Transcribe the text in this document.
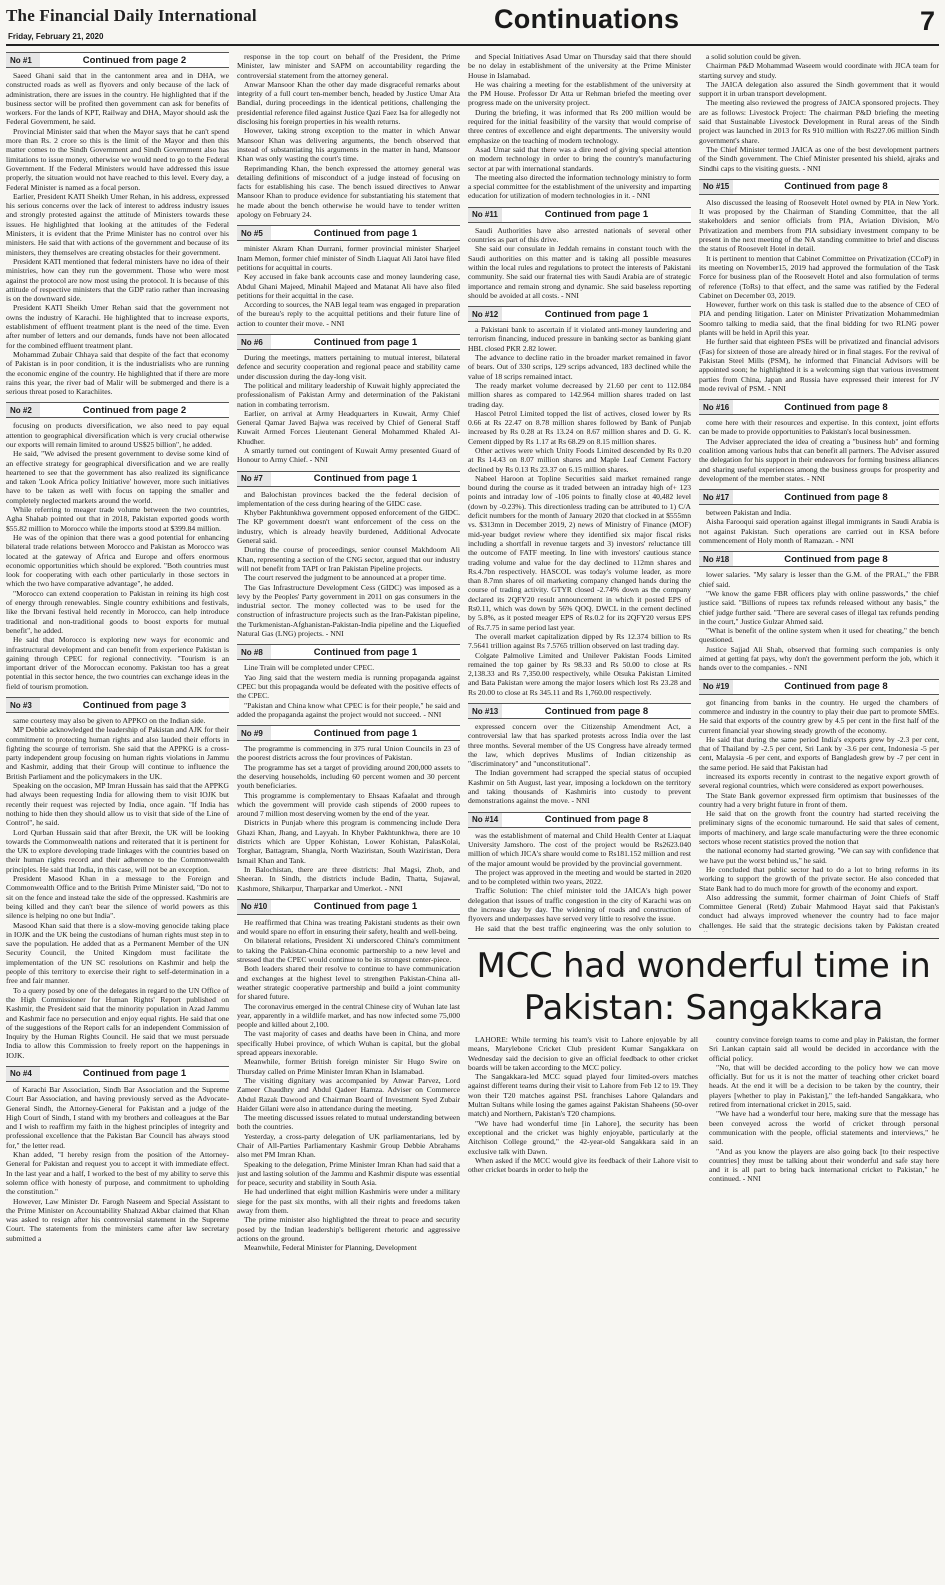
The Financial Daily International
Friday, February 21, 2020
Continuations	7
No #1	Continued from page 2

Saeed Ghani said that in the cantonment area and in DHA, we constructed roads as well as flyovers and only because of the lack of administration, there are issues in the country. He highlighted that if the business sector will be profited then government can ask for benefits of workers. For the lands of KPT, Railway and DHA, Mayor should ask the Federal Government, he said.

Provincial Minister said that when the Mayor says that he can't spend more than Rs. 2 crore so this is the limit of the Mayor and then this matter comes to the Sindh Government and Sindh Government also has limitations to issue money, otherwise we would need to go to the Federal Government. If the Federal Ministers would have addressed this issue properly, the situation would not have reached to this level. Every day, a Federal Minister is named as a focal person.

Earlier, President KATI Sheikh Umer Rehan, in his address, expressed his serious concerns over the lack of interest to address industry issues and strongly protested against the attitude of Ministers towards these issues. He highlighted that looking at the attitudes of the Federal Ministers, it is evident that the Prime Minister has no control over his ministers. He said that with actions of the government and because of its ministers, they themselves are creating obstacles for their government.

President KATI mentioned that federal ministers have no idea of their ministries, how can they run the government. Those who were most against the protocol are now most using the protocol. It is because of this attitude of respective ministers that the GDP ratio rather than increasing is on the downward side.

President KATI Sheikh Umer Rehan said that the government not owns the industry of Karachi. He highlighted that to increase exports, establishment of effluent treatment plant is the need of the time. Even after number of letters and our demands, funds have not been allocated for the combined effluent treatment plant.

Mohammad Zubair Chhaya said that despite of the fact that economy of Pakistan is in poor condition, it is the industrialists who are running the economic engine of the country. He highlighted that if there are more rains this year, the river bad of Malir will be submerged and there is a serious threat posed to Karachiites.

No #2	Continued from page 2

focusing on products diversification, we also need to pay equal attention to geographical diversification which is very crucial otherwise our exports will remain limited to around US$25 billion", he added.

He said, "We advised the present government to devise some kind of an effective strategy for geographical diversification and we are really heartened to see that the government has also realized its significance and taken 'Look Africa policy Initiative' however, more such initiatives have to be taken as well with focus on tapping the smaller and completely neglected markets around the world.

While referring to meager trade volume between the two countries, Agha Shahab pointed out that in 2018, Pakistan exported goods worth $55.82 million to Morocco while the imports stood at $399.84 million.

He was of the opinion that there was a good potential for enhancing bilateral trade relations between Morocco and Pakistan as Morocco was located at the gateway of Africa and Europe and offers enormous economic opportunities which should be explored. "Both countries must look for cooperating with each other particularly in those sectors in which the two have comparative advantage", he added.

"Morocco can extend cooperation to Pakistan in reining its high cost of energy through renewables. Single country exhibitions and festivals, like the Ibrvani festival held recently in Morocco, can help introduce traditional and non-traditional goods to boost exports for mutual benefit", he added.

He said that Morocco is exploring new ways for economic and infrastructural development and can benefit from experience Pakistan is gaining through CPEC for regional connectivity. "Tourism is an important driver of the Moroccan economy. Pakistan too has a great potential in this sector hence, the two countries can exchange ideas in the field of tourism promotion.

No #3	Continued from page 3

same courtesy may also be given to APPKO on the Indian side.

MP Debbie acknowledged the leadership of Pakistan and AJK for their commitment to protecting human rights and also lauded their efforts in fighting the scourge of terrorism. She said that the APPKG is a cross-party independent group focusing on human rights violations in Jammu and Kashmir, adding that their Group will continue to influence the British Parliament and the policymakers in the UK.

Speaking on the occasion, MP Imran Hussain has said that the APPKG had always been requesting India for allowing them to visit IOJK but recently their request was rejected by India, once again. "If India has nothing to hide then they should allow us to visit that side of the Line of Control", he said.

Lord Qurban Hussain said that after Brexit, the UK will be looking towards the Commonwealth nations and reiterated that it is pertinent for the UK to explore developing trade linkages with the countries based on their human rights record and their adherence to the Commonwealth principles. He said that India, in this case, will not be an exception.

President Masood Khan in a message to the Foreign and Commonwealth Office and to the British Prime Minister said, "Do not to sit on the fence and instead take the side of the oppressed. Kashmiris are being killed and they can't bear the silence of world powers as this silence is helping no one but India".

Masood Khan said that there is a slow-moving genocide taking place in IOJK and the UK being the custodians of human rights must step in to save the population. He added that as a Permanent Member of the UN Security Council, the United Kingdom must facilitate the implementation of the UN SC resolutions on Kashmir and help the people of this territory to exercise their right to self-determination in a free and fair manner.

To a query posed by one of the delegates in regard to the UN Office of the High Commissioner for Human Rights' Report published on Kashmir, the President said that the minority population in Azad Jammu and Kashmir face no persecution and enjoy equal rights. He said that one of the suggestions of the Report calls for an independent Commission of Inquiry by the Human Rights Council. He said that we must persuade India to allow this Commission to freely report on the happenings in IOJK.

No #4	Continued from page 1

of Karachi Bar Association, Sindh Bar Association and the Supreme Court Bar Association, and having previously served as the Advocate-General Sindh, the Attorney-General for Pakistan and a judge of the High Court of Sindh, I stand with my brothers and colleagues at the Bar and I wish to reaffirm my faith in the highest principles of integrity and professional excellence that the Pakistan Bar Council has always stood for," the letter read.

Khan added, "I hereby resign from the position of the Attorney-General for Pakistan and request you to accept it with immediate effect. In the last year and a half, I worked to the best of my ability to serve this solemn office with honesty of purpose, and commitment to upholding the constitution."

However, Law Minister Dr. Farogh Naseem and Special Assistant to the Prime Minister on Accountability Shahzad Akbar claimed that Khan was asked to resign after his controversial statement in the Supreme Court. The statements from the ministers came after law secretary submitted a

response in the top court on behalf of the President, the Prime Minister, law minister and SAPM on accountability regarding the controversial statement from the attorney general.

Anwar Mansoor Khan the other day made disgraceful remarks about integrity of a full court ten-member bench, headed by Justice Umar Ata Bandial, during proceedings in the identical petitions, challenging the presidential reference filed against Justice Qazi Faez Isa for allegedly not disclosing his foreign properties in his wealth returns.

However, taking strong exception to the matter in which Anwar Mansoor Khan was delivering arguments, the bench observed that instead of substantiating his arguments in the matter in hand, Mansoor Khan was only wasting the court's time.

Reprimanding Khan, the bench expressed the attorney general was detailing definitions of misconduct of a judge instead of focusing on facts for establishing his case. The bench issued directives to Anwar Mansoor Khan to produce evidence for substantiating his statement that he made about the bench otherwise he would have to tender written apology on February 24.

No #5	Continued from page 1

minister Akram Khan Durrani, former provincial minister Sharjeel Inam Memon, former chief minister of Sindh Liaquat Ali Jatoi have filed petitions for acquittal in courts.

Key accused in fake bank accounts case and money laundering case, Abdul Ghani Majeed, Minahil Majeed and Matanat Ali have also filed petitions for their acquittal in the case.

According to sources, the NAB legal team was engaged in preparation of the bureau's reply to the acquittal petitions and their future line of action to counter their move. - NNI

No #6	Continued from page 1

During the meetings, matters pertaining to mutual interest, bilateral defence and security cooperation and regional peace and stability came under discussion during the day-long visit.

The political and military leadership of Kuwait highly appreciated the professionalism of Pakistan Army and determination of the Pakistani nation in combating terrorism.

Earlier, on arrival at Army Headquarters in Kuwait, Army Chief General Qamar Javed Bajwa was received by Chief of General Staff Kuwait Armed Forces Lieutenant General Mohammed Khaled Al-Khudher.

A smartly turned out contingent of Kuwait Army presented Guard of Honour to Army Chief. - NNI

No #7	Continued from page 1

and Balochistan provinces backed the the federal decision of implementation of the cess during hearing of the GIDC case.

Khyber Pakhtunkhwa government opposed enforcement of the GIDC. The KP government doesn't want enforcement of the cess on the industry, which is already heavily burdened, Additional Advocate General said.

During the course of proceedings, senior counsel Makhdoom Ali Khan, representing a section of the CNG sector, argued that our industry will not benefit from TAPI or Iran Pakistan Pipeline projects.

The court reserved the judgment to be announced at a proper time.

The Gas Infrastructure Development Cess (GIDC) was imposed as a levy by the Peoples' Party government in 2011 on gas consumers in the industrial sector. The money collected was to be used for the construction of infrastructure projects such as the Iran-Pakistan pipeline, the Turkmenistan-Afghanistan-Pakistan-India pipeline and the Liquefied Natural Gas (LNG) projects. - NNI

No #8	Continued from page 1

Line Train will be completed under CPEC.

Yao Jing said that the western media is running propaganda against CPEC but this propaganda would be defeated with the positive effects of the CPEC.

"Pakistan and China know what CPEC is for their people," he said and added the propaganda against the project would not succeed. - NNI

No #9	Continued from page 1

The programme is commencing in 375 rural Union Councils in 23 of the poorest districts across the four provinces of Pakistan.

The programme has set a target of providing around 200,000 assets to the deserving households, including 60 percent women and 30 percent youth beneficiaries.

This programme is complementary to Ehsaas Kafaalat and through which the government will provide cash stipends of 2000 rupees to around 7 million most deserving women by the end of the year.

Districts in Punjab where this program is commencing include Dera Ghazi Khan, Jhang, and Layyah. In Khyber Pakhtunkhwa, there are 10 districts which are Upper Kohistan, Lower Kohistan, PalasKolai, Torghar, Battagram, Shangla, North Waziristan, South Waziristan, Dera Ismail Khan and Tank.

In Balochistan, there are three districts: Jhal Magsi, Zhob, and Sheeran. In Sindh, the districts include Badin, Thatta, Sujawal, Kashmore, Shikarpur, Tharparkar and Umerkot. - NNI

No #10	Continued from page 1

He reaffirmed that China was treating Pakistani students as their own and would spare no effort in ensuring their safety, health and well-being.

On bilateral relations, President Xi underscored China's commitment to taking the Pakistan-China economic partnership to a new level and stressed that the CPEC would continue to be its strongest center-piece.

Both leaders shared their resolve to continue to have communication and exchanges at the highest level to strengthen Pakistan-China all-weather strategic cooperative partnership and build a joint community for shared future.

The coronavirus emerged in the central Chinese city of Wuhan late last year, apparently in a wildlife market, and has now infected some 75,000 people and killed about 2,100.

The vast majority of cases and deaths have been in China, and more specifically Hubei province, of which Wuhan is capital, but the global spread appears inexorable.

Meanwhile, former British foreign minister Sir Hugo Swire on Thursday called on Prime Minister Imran Khan in Islamabad.

The visiting dignitary was accompanied by Anwar Parvez, Lord Zameer Chaudhry and Abdul Qadeer Hamza. Adviser on Commerce Abdul Razak Dawood and Chairman Board of Investment Syed Zubair Haider Gilani were also in attendance during the meeting.

The meeting discussed issues related to mutual understanding between both the countries.

Yesterday, a cross-party delegation of UK parliamentarians, led by Chair of All-Parties Parliamentary Kashmir Group Debbie Abrahams also met PM Imran Khan.

Speaking to the delegation, Prime Minister Imran Khan had said that a just and lasting solution of the Jammu and Kashmir dispute was essential for peace, security and stability in South Asia.

He had underlined that eight million Kashmiris were under a military siege for the past six months, with all their rights and freedoms taken away from them.

The prime minister also highlighted the threat to peace and security posed by the Indian leadership's belligerent rhetoric and aggressive actions on the ground.

Meanwhile, Federal Minister for Planning, Development

and Special Initiatives Asad Umar on Thursday said that there should be no delay in establishment of the university at the Prime Minister House in Islamabad.

He was chairing a meeting for the establishment of the university at the PM House. Professor Dr Atta ur Rehman briefed the meeting over progress made on the university project.

During the briefing, it was informed that Rs 200 million would be required for the initial feasibility of the varsity that would comprise of three centres of excellence and eight departments. The university would emphasize on the teaching of modern technology.

Asad Umar said that there was a dire need of giving special attention on modern technology in order to bring the country's manufacturing sector at par with international standards.

The meeting also directed the information technology ministry to form a special committee for the establishment of the university and imparting education for utilization of modern technologies in it. - NNI

No #11	Continued from page 1

Saudi Authorities have also arrested nationals of several other countries as part of this drive.

She said our consulate in Jeddah remains in constant touch with the Saudi authorities on this matter and is taking all possible measures within the local rules and regulations to protect the interests of Pakistani community. She said our fraternal ties with Saudi Arabia are of strategic importance and remain strong and dynamic. She said baseless reporting should be avoided at all costs. - NNI

No #12	Continued from page 1

a Pakistani bank to ascertain if it violated anti-money laundering and terrorism financing, induced pressure in banking sector as banking giant HBL closed PKR 2.82 lower.

The advance to decline ratio in the broader market remained in favor of bears. Out of 330 scrips, 129 scrips advanced, 183 declined while the value of 18 scrips remained intact.

The ready market volume decreased by 21.60 per cent to 112.084 million shares as compared to 142.964 million shares traded on last trading day.

Hascol Petrol Limited topped the list of actives, closed lower by Rs 0.66 at Rs 22.47 on 8.78 million shares followed by Bank of Punjab increased by Rs 0.28 at Rs 13.24 on 8.67 million shares and D. G. K. Cement dipped by Rs 1.17 at Rs 68.29 on 8.15 million shares.

Other actives were which Unity Foods Limited descended by Rs 0.20 at Rs 14.43 on 8.07 million shares and Maple Leaf Cement Factory declined by Rs 0.13 Rs 23.37 on 6.15 million shares.

Nabeel Haroon at Topline Securities said market remained range bound during the course as it traded between an intraday high of+ 123 points and intraday low of -106 points to finally close at 40,482 level (down by -0.23%). This directionless trading can be attributed to 1) C/A deficit numbers for the month of January 2020 that clocked in at $555mn vs. $313mn in December 2019, 2) news of Ministry of Finance (MOF) mid-year budget review where they identified six major fiscal risks including a shortfall in revenue targets and 3) investors' reluctance till the outcome of FATF meeting. In line with investors' cautious stance trading volume and value for the day declined to 112mn shares and Rs.4.7bn respectively. HASCOL was today's volume leader, as more than 8.7mn shares of oil marketing company changed hands during the course of trading activity. GTYR closed -2.74% down as the company declared its 2QFY20 result announcement in which it posted EPS of Rs0.11, which was down by 56% QOQ. DWCL in the cement declined by 5.8%, as it posted meager EPS of Rs.0.2 for its 2QFY20 versus EPS of Rs.7.75 in same period last year.

The overall market capitalization dipped by Rs 12.374 billion to Rs 7.5641 trillion against Rs 7.5765 trillion observed on last trading day.

Colgate Palmolive Limited and Unilever Pakistan Foods Limited remained the top gainer by Rs 98.33 and Rs 50.00 to close at Rs 2,138.33 and Rs 7,350.00 respectively, while Otsuka Pakistan Limited and Bata Pakistan were among the major losers which lost Rs 23.28 and Rs 20.00 to close at Rs 345.11 and Rs 1,760.00 respectively.

No #13	Continued from page 8

expressed concern over the Citizenship Amendment Act, a controversial law that has sparked protests across India over the last three months. Several member of the US Congress have already termed the law, which deprives Muslims of Indian citizenship as "discriminatory" and "unconstitutional".

The Indian government had scrapped the special status of occupied Kashmir on 5th August, last year, imposing a lockdown on the territory and taking thousands of Kashmiris into custody to prevent demonstrations against the move. - NNI

No #14	Continued from page 8

was the establishment of maternal and Child Health Center at Liaquat University Jamshoro. The cost of the project would be Rs2623.040 million of which JICA's share would come to Rs181.152 million and rest of the major amount would be provided by the provincial government.

The project was approved in the meeting and would be started in 2020 and to be completed within two years, 2022.

Traffic Solution: The chief minister told the JAICA's high power delegation that issues of traffic congestion in the city of Karachi was on the increase day by day. The widening of roads and construction of flyovers and underpasses have served very little to resolve the issue.

He said that the best traffic engineering was the only solution to

a solid solution could be given.

Chairman P&D Mohammad Waseem would coordinate with JICA team for starting survey and study.

The JAICA delegation also assured the Sindh government that it would support it in urban transport development.

The meeting also reviewed the progress of JAICA sponsored projects. They are as follows: Livestock Project: The chairman P&D briefing the meeting said that Sustainable Livestock Development in Rural areas of the Sindh project was launched in 2013 for Rs 910 million with Rs227.06 million Sindh government's share.

The Chief Minister termed JAICA as one of the best development partners of the Sindh government. The Chief Minister presented his shield, ajraks and Sindhi caps to the visiting guests. - NNI

No #15	Continued from page 8

Also discussed the leasing of Roosevelt Hotel owned by PIA in New York. It was proposed by the Chairman of Standing Committee, that the all stakeholders and senior officials from PIA, Aviation Division, M/o Privatization and members from PIA subsidiary investment company to be present in the next meeting of the NA standing committee to brief and discuss the status of Roosevelt Hotel in detail.

It is pertinent to mention that Cabinet Committee on Privatization (CCoP) in its meeting on November15, 2019 had approved the formulation of the Task Force for business plan of the Roosevelt Hotel and also formulation of terms of reference (ToRs) to that effect, and the same was ratified by the Federal Cabinet on December 03, 2019.

However, further work on this task is stalled due to the absence of CEO of PIA and pending litigation. Later on Minister Privatization Mohammedmian Soomro talking to media said, that the final bidding for two RLNG power plants will be held in April this year.

He further said that eighteen PSEs will be privatized and financial advisors (Fas) for sixteen of those are already hired or in final stages. For the revival of Pakistan Steel Mills (PSM), he informed that Financial Advisors will be appointed soon; he highlighted it is a welcoming sign that various investment parties from China, Japan and Russia have expressed their interest for JV mode revival of PSM. - NNI

No #16	Continued from page 8

come here with their resources and expertise. In this context, joint efforts can be made to provide opportunities to Pakistan's local businessmen.

The Adviser appreciated the idea of creating a "business hub" and forming coalition among various hubs that can benefit all partners. The Adviser assured the delegation for his support in their endeavors for forming business alliances and sharing useful experiences among the business groups for prosperity and development of the member states. - NNI

No #17	Continued from page 8

between Pakistan and India.

Aisha Farooqui said operation against illegal immigrants in Saudi Arabia is not against Pakistan. Such operations are carried out in KSA before commencement of Holy month of Ramazan. - NNI

No #18	Continued from page 8

lower salaries. "My salary is lesser than the G.M. of the PRAL," the FBR chief said.

"We know the game FBR officers play with online passwords," the chief justice said. "Billions of rupees tax refunds released without any basis," the chief judge further said. "There are several cases of illegal tax refunds pending in the court," Justice Gulzar Ahmed said.

"What is benefit of the online system when it used for cheating," the bench questioned.

Justice Sajjad Ali Shah, observed that forming such companies is only aimed at getting fat pays, why don't the government perform the job, which it hands over to the companies. - NNI

No #19	Continued from page 8

got financing from banks in the country. He urged the chambers of commerce and industry in the country to play their due part to promote SMEs. He said that exports of the country grew by 4.5 per cent in the first half of the current financial year showing steady growth of the economy.

He said that during the same period India's exports grew by -2.3 per cent, that of Thailand by -2.5 per cent, Sri Lank by -3.6 per cent, Indonesia -5 per cent, Malaysia -6 per cent, and exports of Bangladesh grew by -7 per cent in the same period. He said that Pakistan had

increased its exports recently in contrast to the negative export growth of several regional countries, which were considered as export powerhouses.

The State Bank governor expressed firm optimism that businesses of the country had a very bright future in front of them.

He said that on the growth front the country had started receiving the preliminary signs of the economic turnaround. He said that sales of cement, imports of machinery, and large scale manufacturing were the three economic sectors whose recent statistics proved the notion that

the national economy had started growing. "We can say with confidence that we have put the worst behind us," he said.

He concluded that public sector had to do a lot to bring reforms in its working to support the growth of the private sector. He also conceded that State Bank had to do much more for growth of the economy and export.

Also addressing the summit, former chairman of Joint Chiefs of Staff Committee General (Retd) Zubair Mahmood Hayat said that Pakistan's conduct had always improved whenever the country had to face major challenges. He said that the strategic decisions taken by Pakistan created

MCC had wonderful time in Pakistan: Sangakkara

LAHORE: While terming his team's visit to Lahore enjoyable by all means, Marylebone Cricket Club president Kumar Sangakkara on Wednesday said the decision to give an official feedback to other cricket boards will be taken according to the MCC policy.

The Sangakkara-led MCC squad played four limited-overs matches against different teams during their visit to Lahore from Feb 12 to 19. They won their T20 matches against PSL franchises Lahore Qalandars and Multan Sultans while losing the games against Pakistan Shaheens (50-over match) and Northern, Pakistan's T20 champions.

"We have had wonderful time [in Lahore], the security has been exceptional and the cricket was highly enjoyable, particularly at the Aitchison College ground," the 42-year-old Sangakkara said in an exclusive talk with Dawn.

When asked if the MCC would give its feedback of their Lahore visit to other cricket boards in order to help the

country convince foreign teams to come and play in Pakistan, the former Sri Lankan captain said all would be decided in accordance with the official policy.

"No, that will be decided according to the policy how we can move officially. But for us it is not the matter of teaching other cricket board heads. At the end it will be a decision to be taken by the country, their players [whether to play in Pakistan]," the left-handed Sangakkara, who retired from international cricket in 2015, said.

"We have had a wonderful tour here, making sure that the message has been conveyed across the world of cricket through personal communication with the people, official statements and interviews," he said.

"And as you know the players are also going back [to their respective countries] they must be talking about their wonderful and safe stay here and it is all part to bring back international cricket to Pakistan," he continued. - NNI
